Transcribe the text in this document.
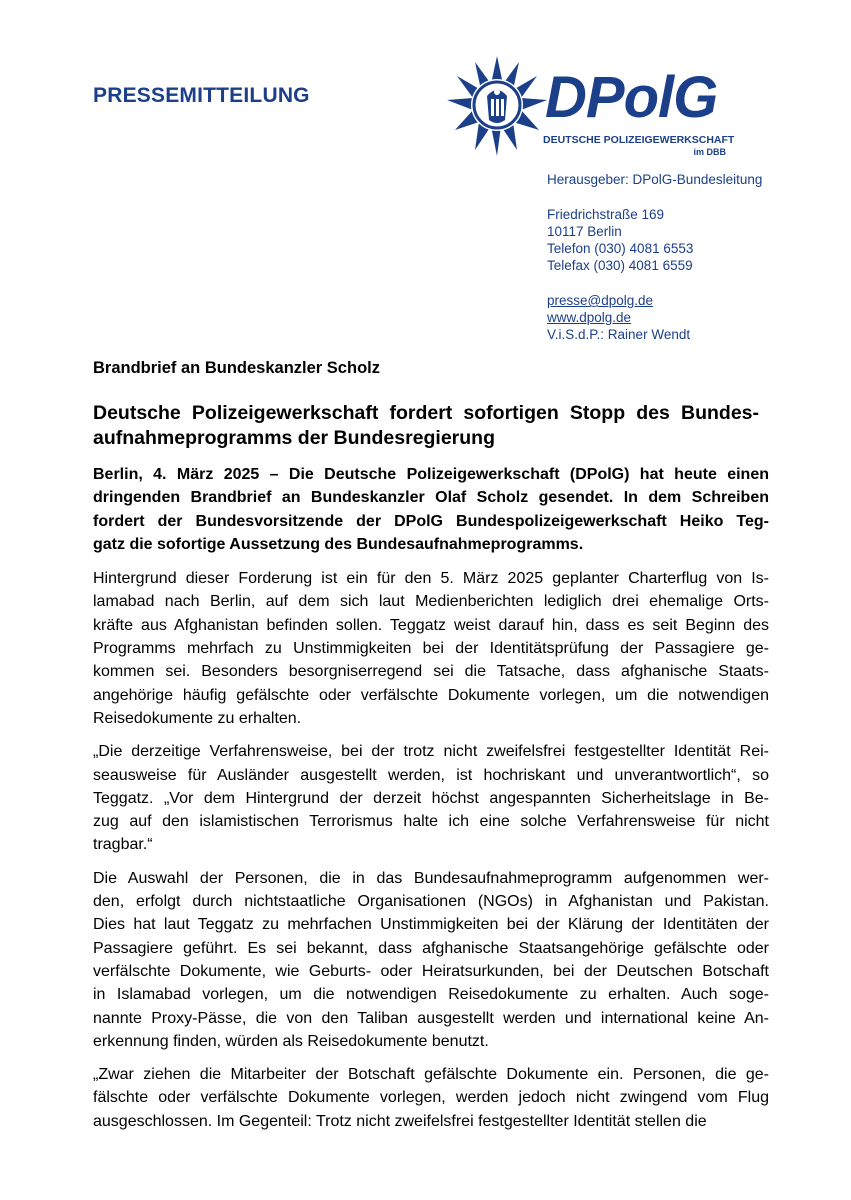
PRESSEMITTEILUNG	DPolG
DEUTSCHE POLIZEIGEWERKSCHAFT
im DBB
Herausgeber: DPolG-Bundesleitung
Friedrichstraße 169
10117 Berlin
Telefon (030) 4081 6553
Telefax (030) 4081 6559
presse@dpolg.de
www.dpolg.de
V.i.S.d.P.: Rainer Wendt
Brandbrief an Bundeskanzler Scholz
Deutsche Polizeigewerkschaft fordert sofortigen Stopp des Bundes-
aufnahmeprogramms der Bundesregierung
Berlin, 4. März 2025 – Die Deutsche Polizeigewerkschaft (DPolG) hat heute einen
dringenden Brandbrief an Bundeskanzler Olaf Scholz gesendet. In dem Schreiben
fordert der Bundesvorsitzende der DPolG Bundespolizeigewerkschaft Heiko Teg-
gatz die sofortige Aussetzung des Bundesaufnahmeprogramms.
Hintergrund dieser Forderung ist ein für den 5. März 2025 geplanter Charterflug von Is-
lamabad nach Berlin, auf dem sich laut Medienberichten lediglich drei ehemalige Orts-
kräfte aus Afghanistan befinden sollen. Teggatz weist darauf hin, dass es seit Beginn des
Programms mehrfach zu Unstimmigkeiten bei der Identitätsprüfung der Passagiere ge-
kommen sei. Besonders besorgniserregend sei die Tatsache, dass afghanische Staats-
angehörige häufig gefälschte oder verfälschte Dokumente vorlegen, um die notwendigen
Reisedokumente zu erhalten.
„Die derzeitige Verfahrensweise, bei der trotz nicht zweifelsfrei festgestellter Identität Rei-
seausweise für Ausländer ausgestellt werden, ist hochriskant und unverantwortlich“, so
Teggatz. „Vor dem Hintergrund der derzeit höchst angespannten Sicherheitslage in Be-
zug auf den islamistischen Terrorismus halte ich eine solche Verfahrensweise für nicht
tragbar.“
Die Auswahl der Personen, die in das Bundesaufnahmeprogramm aufgenommen wer-
den, erfolgt durch nichtstaatliche Organisationen (NGOs) in Afghanistan und Pakistan.
Dies hat laut Teggatz zu mehrfachen Unstimmigkeiten bei der Klärung der Identitäten der
Passagiere geführt. Es sei bekannt, dass afghanische Staatsangehörige gefälschte oder
verfälschte Dokumente, wie Geburts- oder Heiratsurkunden, bei der Deutschen Botschaft
in Islamabad vorlegen, um die notwendigen Reisedokumente zu erhalten. Auch soge-
nannte Proxy-Pässe, die von den Taliban ausgestellt werden und international keine An-
erkennung finden, würden als Reisedokumente benutzt.
„Zwar ziehen die Mitarbeiter der Botschaft gefälschte Dokumente ein. Personen, die ge-
fälschte oder verfälschte Dokumente vorlegen, werden jedoch nicht zwingend vom Flug
ausgeschlossen. Im Gegenteil: Trotz nicht zweifelsfrei festgestellter Identität stellen die
